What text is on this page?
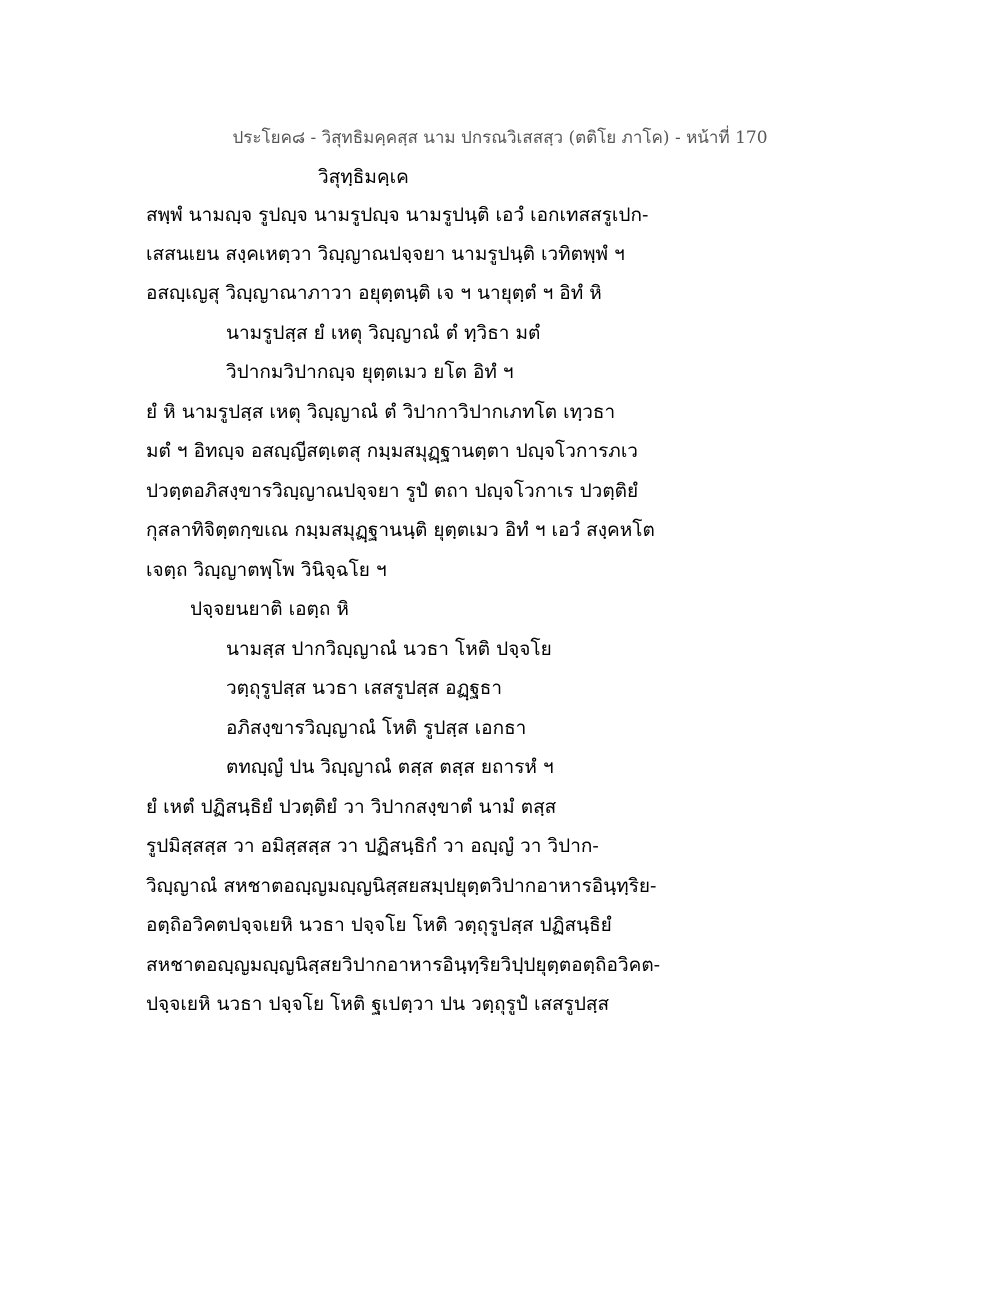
ประโยค๘ - วิสุทธิมคฺคสฺส นาม ปกรณวิเสสสฺว (ตติโย ภาโค) - หน้าที่ 170
วิสุทฺธิมคฺเค
สพฺพํ นามญฺจ รูปญฺจ นามรูปญฺจ นามรูปนฺติ เอวํ เอกเทสสรูเปก-
เสสนเยน สงฺคเหตฺวา วิญฺญาณปจฺจยา นามรูปนฺติ เวทิตพฺพํ ฯ
อสญฺเญสุ วิญฺญาณาภาวา อยุตฺตนฺติ เจ ฯ นายุตฺตํ ฯ อิทํ หิ
นามรูปสฺส ยํ เหตุ วิญฺญาณํ ตํ ทฺวิธา มตํ
วิปากมวิปากญฺจ ยุตฺตเมว ยโต อิทํ ฯ
ยํ หิ นามรูปสฺส เหตุ วิญฺญาณํ ตํ วิปากาวิปากเภทโต เทฺวธา
มตํ ฯ อิทญฺจ อสญฺญีสตฺเตสุ กมฺมสมุฏฺฐานตฺตา ปญฺจโวการภเว
ปวตฺตอภิสงฺขารวิญฺญาณปจฺจยา รูปํ ตถา ปญฺจโวกาเร ปวตฺติยํ
กุสลาทิจิตฺตกฺขเณ กมฺมสมุฏฺฐานนฺติ ยุตฺตเมว อิทํ ฯ เอวํ สงฺคหโต
เจตฺถ วิญฺญาตพฺโพ วินิจฺฉโย ฯ
ปจฺจยนยาติ เอตฺถ หิ
นามสฺส ปากวิญฺญาณํ นวธา โหติ ปจฺจโย
วตฺถุรูปสฺส นวธา เสสรูปสฺส อฏฺฐธา
อภิสงฺขารวิญฺญาณํ โหติ รูปสฺส เอกธา
ตทญฺญํ ปน วิญฺญาณํ ตสฺส ตสฺส ยถารหํ ฯ
ยํ เหตํ ปฏิสนฺธิยํ ปวตฺติยํ วา วิปากสงฺขาตํ นามํ ตสฺส
รูปมิสฺสสฺส วา อมิสฺสสฺส วา ปฏิสนฺธิกํ วา อญฺญํ วา วิปาก-
วิญฺญาณํ สหชาตอญฺญมญฺญนิสฺสยสมฺปยุตฺตวิปากอาหารอินฺทฺริย-
อตฺถิอวิคตปจฺจเยหิ นวธา ปจฺจโย โหติ วตฺถุรูปสฺส ปฏิสนฺธิยํ
สหชาตอญฺญมญฺญนิสฺสยวิปากอาหารอินฺทฺริยวิปฺปยุตฺตอตฺถิอวิคต-
ปจฺจเยหิ นวธา ปจฺจโย โหติ ฐเปตฺวา ปน วตฺถุรูปํ เสสรูปสฺส
